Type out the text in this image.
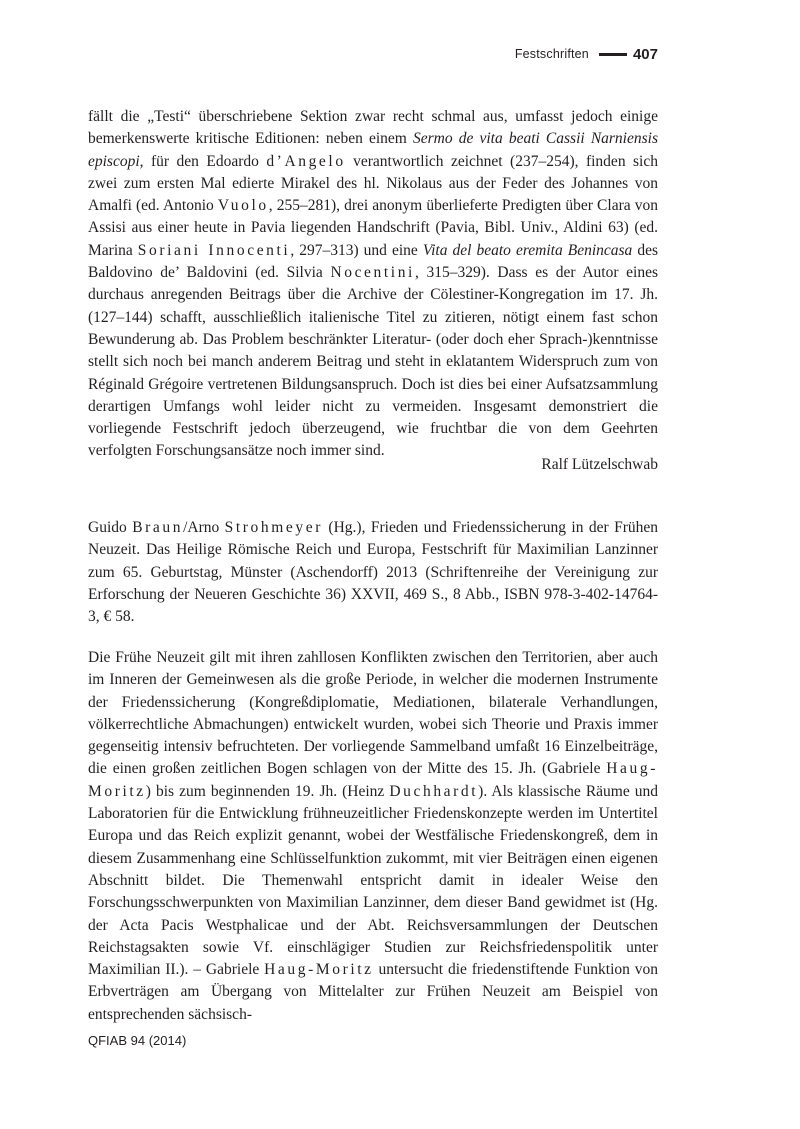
Festschriften	407

fällt die „Testi“ überschriebene Sektion zwar recht schmal aus, umfasst jedoch einige bemerkenswerte kritische Editionen: neben einem Sermo de vita beati Cassii Narniensis episcopi, für den Edoardo d’Angelo verantwortlich zeichnet (237–254), finden sich zwei zum ersten Mal edierte Mirakel des hl. Nikolaus aus der Feder des Johannes von Amalfi (ed. Antonio Vuolo, 255–281), drei anonym überlieferte Predigten über Clara von Assisi aus einer heute in Pavia liegenden Handschrift (Pavia, Bibl. Univ., Aldini 63) (ed. Marina Soriani Innocenti, 297–313) und eine Vita del beato eremita Benincasa des Baldovino de’ Baldovini (ed. Silvia Nocentini, 315–329). Dass es der Autor eines durchaus anregenden Beitrags über die Archive der Cölestiner-Kongregation im 17. Jh. (127–144) schafft, ausschließlich italienische Titel zu zitieren, nötigt einem fast schon Bewunderung ab. Das Problem beschränkter Literatur- (oder doch eher Sprach-)kenntnisse stellt sich noch bei manch anderem Beitrag und steht in eklatantem Widerspruch zum von Réginald Grégoire vertretenen Bildungsanspruch. Doch ist dies bei einer Aufsatzsammlung derartigen Umfangs wohl leider nicht zu vermeiden. Insgesamt demonstriert die vorliegende Festschrift jedoch überzeugend, wie fruchtbar die von dem Geehrten verfolgten Forschungsansätze noch immer sind.

Ralf Lützelschwab

Guido Braun/Arno Strohmeyer (Hg.), Frieden und Friedenssicherung in der Frühen Neuzeit. Das Heilige Römische Reich und Europa, Festschrift für Maximilian Lanzinner zum 65. Geburtstag, Münster (Aschendorff) 2013 (Schriftenreihe der Vereinigung zur Erforschung der Neueren Geschichte 36) XXVII, 469 S., 8 Abb., ISBN 978-3-402-14764-3, € 58.

Die Frühe Neuzeit gilt mit ihren zahllosen Konflikten zwischen den Territorien, aber auch im Inneren der Gemeinwesen als die große Periode, in welcher die modernen Instrumente der Friedenssicherung (Kongreßdiplomatie, Mediationen, bilaterale Verhandlungen, völkerrechtliche Abmachungen) entwickelt wurden, wobei sich Theorie und Praxis immer gegenseitig intensiv befruchteten. Der vorliegende Sammelband umfaßt 16 Einzelbeiträge, die einen großen zeitlichen Bogen schlagen von der Mitte des 15. Jh. (Gabriele Haug-Moritz) bis zum beginnenden 19. Jh. (Heinz Duchhardt). Als klassische Räume und Laboratorien für die Entwicklung frühneuzeitlicher Friedenskonzepte werden im Untertitel Europa und das Reich explizit genannt, wobei der Westfälische Friedenskongreß, dem in diesem Zusammenhang eine Schlüsselfunktion zukommt, mit vier Beiträgen einen eigenen Abschnitt bildet. Die Themenwahl entspricht damit in idealer Weise den Forschungsschwerpunkten von Maximilian Lanzinner, dem dieser Band gewidmet ist (Hg. der Acta Pacis Westphalicae und der Abt. Reichsversammlungen der Deutschen Reichstagsakten sowie Vf. einschlägiger Studien zur Reichsfriedenspolitik unter Maximilian II.). – Gabriele Haug-Moritz untersucht die friedenstiftende Funktion von Erbverträgen am Übergang von Mittelalter zur Frühen Neuzeit am Beispiel von entsprechenden sächsisch-

QFIAB 94 (2014)
